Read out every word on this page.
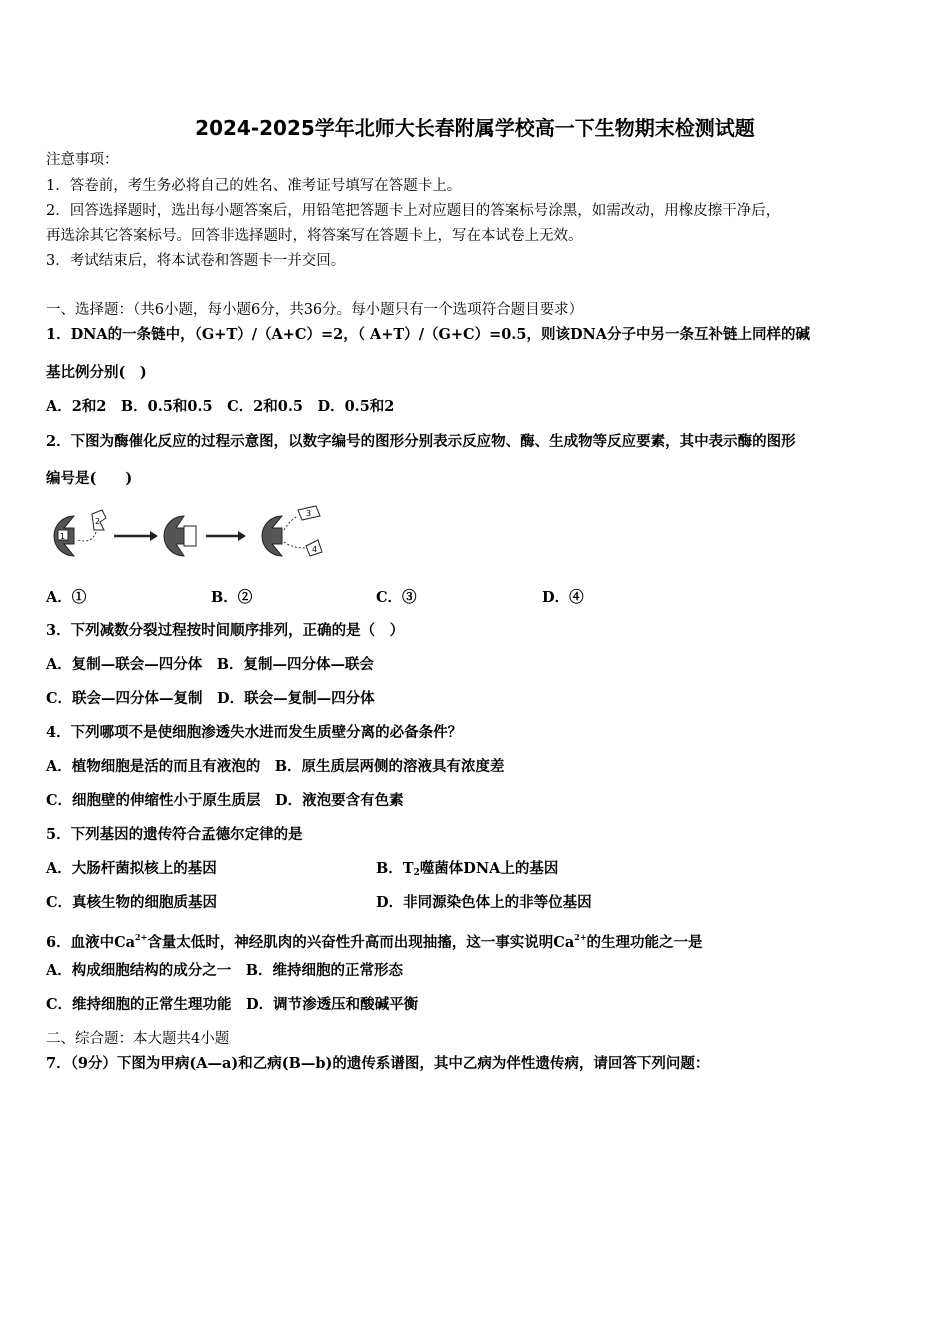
2024-2025学年北师大长春附属学校高一下生物期末检测试题
注意事项：
1．答卷前，考生务必将自己的姓名、准考证号填写在答题卡上。
2．回答选择题时，选出每小题答案后，用铅笔把答题卡上对应题目的答案标号涂黑，如需改动，用橡皮擦干净后，
再选涂其它答案标号。回答非选择题时，将答案写在答题卡上，写在本试卷上无效。
3．考试结束后，将本试卷和答题卡一并交回。
一、选择题：（共6小题，每小题6分，共36分。每小题只有一个选项符合题目要求）
1．DNA的一条链中，（G+T）/（A+C）=2，（ A+T）/（G+C）=0.5，则该DNA分子中另一条互补链上同样的碱
基比例分别(　)
A．2和2　B．0.5和0.5　C．2和0.5　D．0.5和2
2．下图为酶催化反应的过程示意图，以数字编号的图形分别表示反应物、酶、生成物等反应要素，其中表示酶的图形
编号是(　　)
1
2
3
4
A．①	B．②	C．③	D．④
3．下列减数分裂过程按时间顺序排列，正确的是（　）
A．复制—联会—四分体　B．复制—四分体—联会
C．联会—四分体—复制　D．联会—复制—四分体
4．下列哪项不是使细胞渗透失水进而发生质壁分离的必备条件？
A．植物细胞是活的而且有液泡的　B．原生质层两侧的溶液具有浓度差
C．细胞壁的伸缩性小于原生质层　D．液泡要含有色素
5．下列基因的遗传符合孟德尔定律的是
A．大肠杆菌拟核上的基因	B．$T_2$噬菌体DNA上的基因
C．真核生物的细胞质基因	D．非同源染色体上的非等位基因
6．血液中$Ca^{2+}$含量太低时，神经肌肉的兴奋性升高而出现抽搐，这一事实说明$Ca^{2+}$的生理功能之一是
A．构成细胞结构的成分之一　B．维持细胞的正常形态
C．维持细胞的正常生理功能　D．调节渗透压和酸碱平衡
二、综合题：本大题共4小题
7．（9分）下图为甲病(A—a)和乙病(B—b)的遗传系谱图，其中乙病为伴性遗传病，请回答下列问题：
